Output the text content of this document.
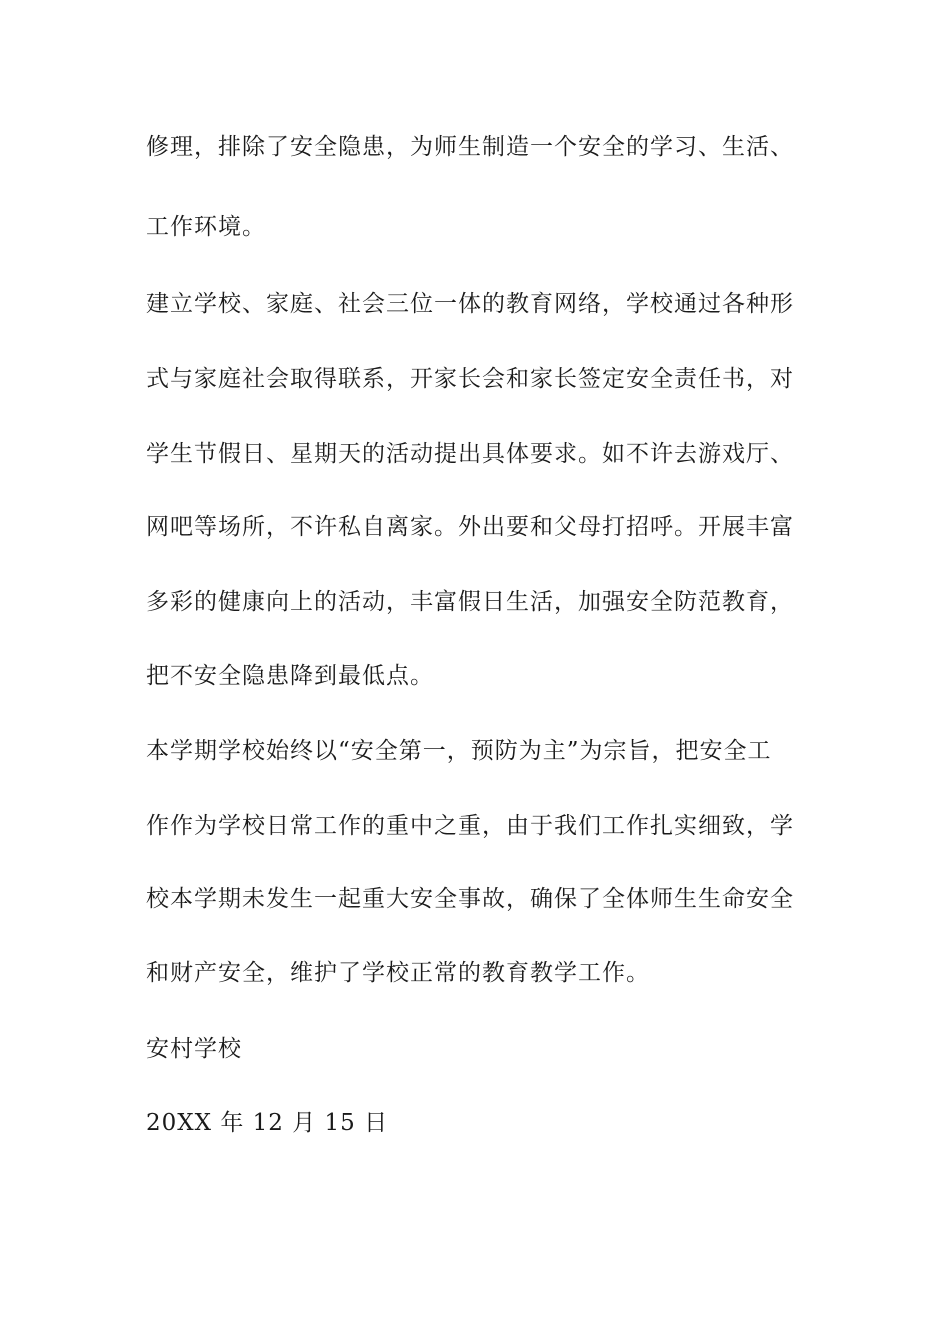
修理，排除了安全隐患，为师生制造一个安全的学习、生活、
工作环境。
建立学校、家庭、社会三位一体的教育网络，学校通过各种形
式与家庭社会取得联系，开家长会和家长签定安全责任书，对
学生节假日、星期天的活动提出具体要求。如不许去游戏厅、
网吧等场所，不许私自离家。外出要和父母打招呼。开展丰富
多彩的健康向上的活动，丰富假日生活，加强安全防范教育，
把不安全隐患降到最低点。
本学期学校始终以“安全第一，预防为主”为宗旨，把安全工
作作为学校日常工作的重中之重，由于我们工作扎实细致，学
校本学期未发生一起重大安全事故，确保了全体师生生命安全
和财产安全，维护了学校正常的教育教学工作。
安村学校
20XX 年 12 月 15 日
